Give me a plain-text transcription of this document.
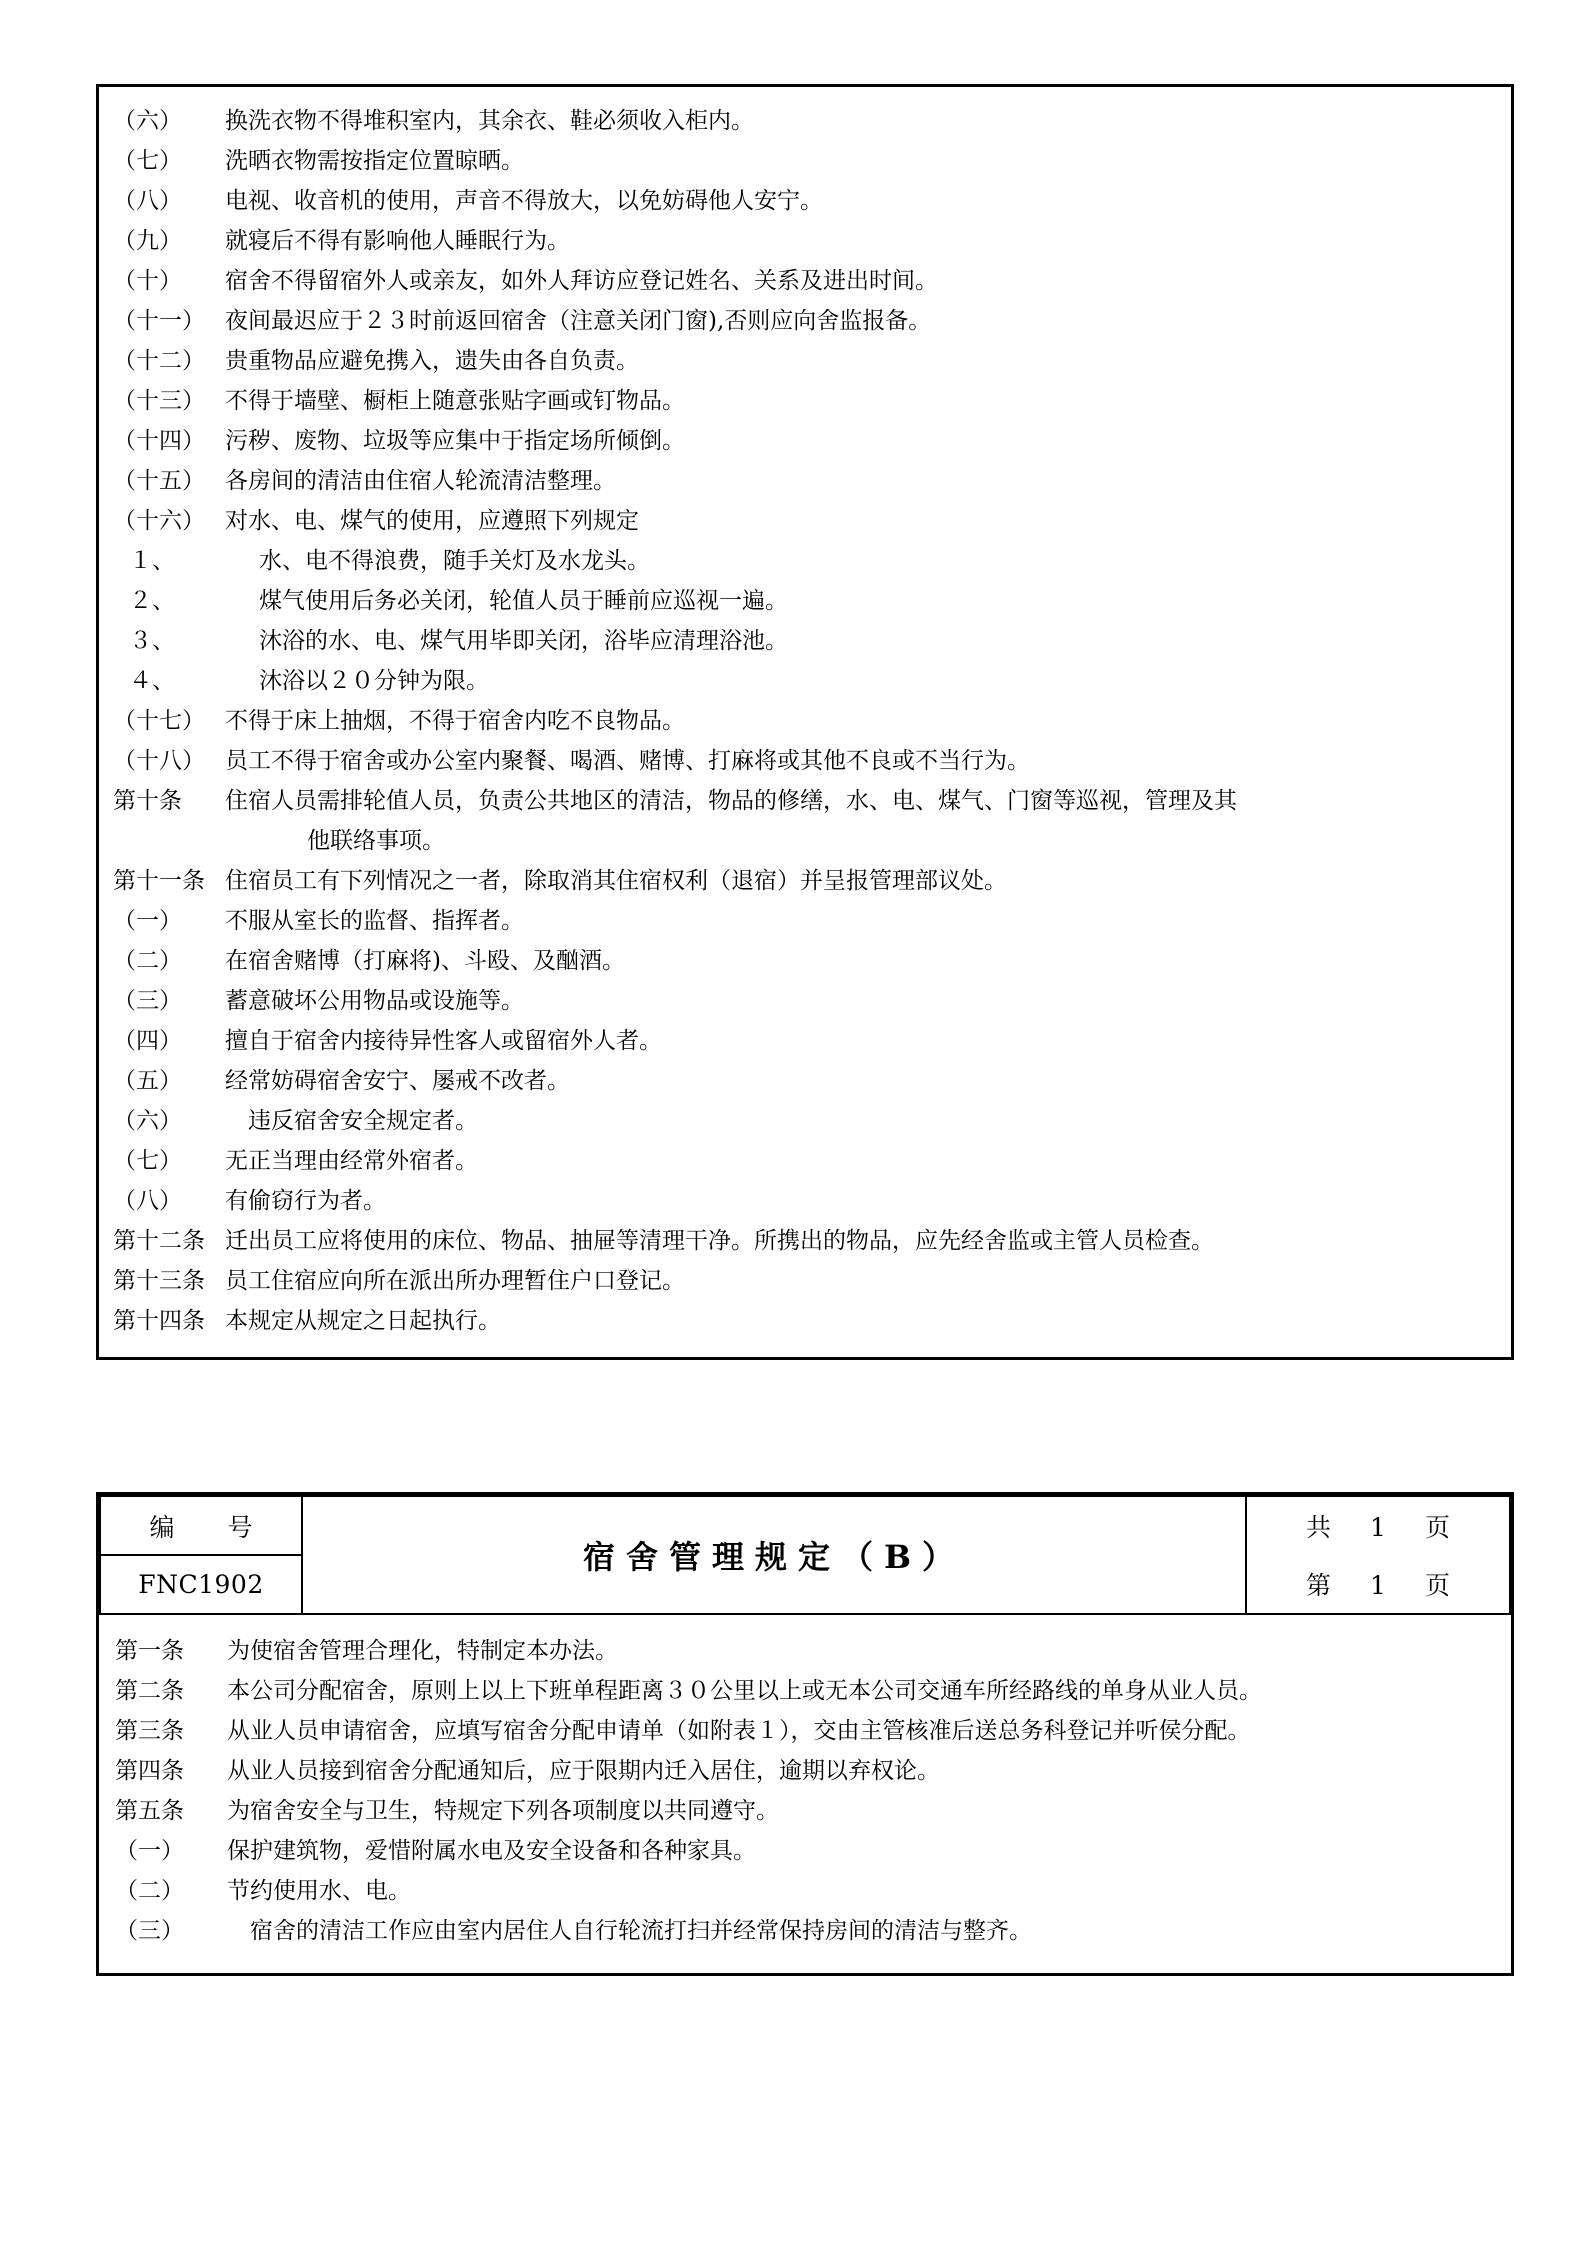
（六）	换洗衣物不得堆积室内，其余衣、鞋必须收入柜内。
（七）	洗晒衣物需按指定位置晾晒。
（八）	电视、收音机的使用，声音不得放大，以免妨碍他人安宁。
（九）	就寝后不得有影响他人睡眠行为。
（十）	宿舍不得留宿外人或亲友，如外人拜访应登记姓名、关系及进出时间。
（十一） 夜间最迟应于２３时前返回宿舍（注意关闭门窗),否则应向舍监报备。
（十二） 贵重物品应避免携入，遗失由各自负责。
（十三） 不得于墙壁、橱柜上随意张贴字画或钉物品。
（十四） 污秽、废物、垃圾等应集中于指定场所倾倒。
（十五） 各房间的清洁由住宿人轮流清洁整理。
（十六） 对水、电、煤气的使用，应遵照下列规定
１、	水、电不得浪费，随手关灯及水龙头。
２、	煤气使用后务必关闭，轮值人员于睡前应巡视一遍。
３、	沐浴的水、电、煤气用毕即关闭，浴毕应清理浴池。
４、	沐浴以２０分钟为限。
（十七） 不得于床上抽烟，不得于宿舍内吃不良物品。
（十八） 员工不得于宿舍或办公室内聚餐、喝酒、赌博、打麻将或其他不良或不当行为。
第十条	住宿人员需排轮值人员，负责公共地区的清洁，物品的修缮，水、电、煤气、门窗等巡视，管理及其
他联络事项。
第十一条 住宿员工有下列情况之一者，除取消其住宿权利（退宿）并呈报管理部议处。
（一）	不服从室长的监督、指挥者。
（二）	在宿舍赌博（打麻将)、斗殴、及酗酒。
（三）	蓄意破坏公用物品或设施等。
（四）	擅自于宿舍内接待异性客人或留宿外人者。
（五）	经常妨碍宿舍安宁、屡戒不改者。
（六）	　违反宿舍安全规定者。
（七）	无正当理由经常外宿者。
（八）	有偷窃行为者。
第十二条 迁出员工应将使用的床位、物品、抽屉等清理干净。所携出的物品，应先经舍监或主管人员检查。
第十三条 员工住宿应向所在派出所办理暂住户口登记。
第十四条 本规定从规定之日起执行。
编　号
FNC1902
	宿舍管理规定（B）	
共　1　页
第　1　页
第一条	为使宿舍管理合理化，特制定本办法。
第二条	本公司分配宿舍，原则上以上下班单程距离３０公里以上或无本公司交通车所经路线的单身从业人员。
第三条	从业人员申请宿舍，应填写宿舍分配申请单（如附表１），交由主管核准后送总务科登记并听侯分配。
第四条	从业人员接到宿舍分配通知后，应于限期内迁入居住，逾期以弃权论。
第五条	为宿舍安全与卫生，特规定下列各项制度以共同遵守。
（一）	保护建筑物，爱惜附属水电及安全设备和各种家具。
（二）	节约使用水、电。
（三）	　宿舍的清洁工作应由室内居住人自行轮流打扫并经常保持房间的清洁与整齐。
